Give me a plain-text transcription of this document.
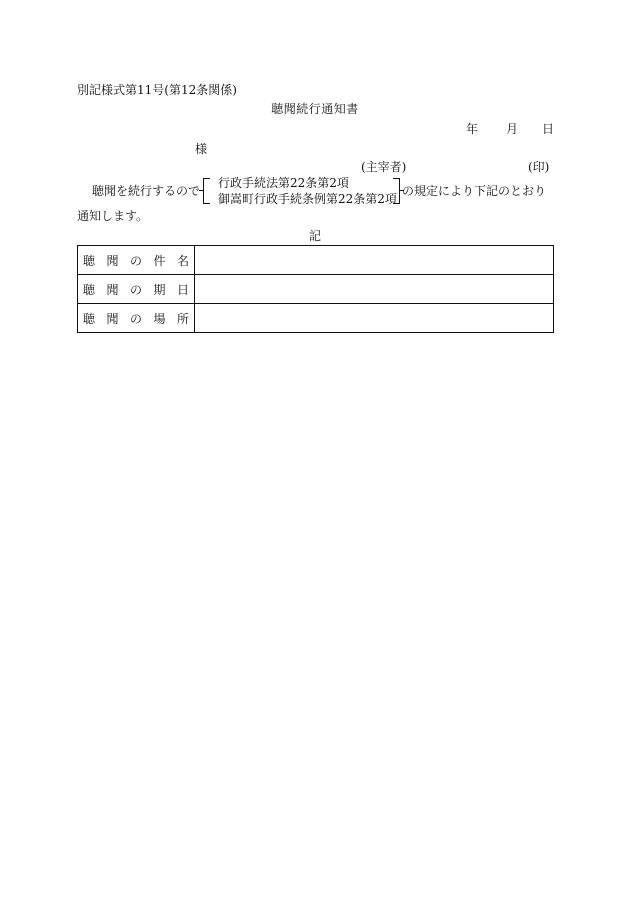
別記様式第11号(第12条関係)
聴聞続行通知書
年 月 日
様
(主宰者)	(印)
聴聞を続行するので
行政手続法第22条第2項
御嵩町行政手続条例第22条第2項
の規定により下記のとおり
通知します。
記
聴 聞 の 件 名	

聴 聞 の 期 日	

聴 聞 の 場 所	
